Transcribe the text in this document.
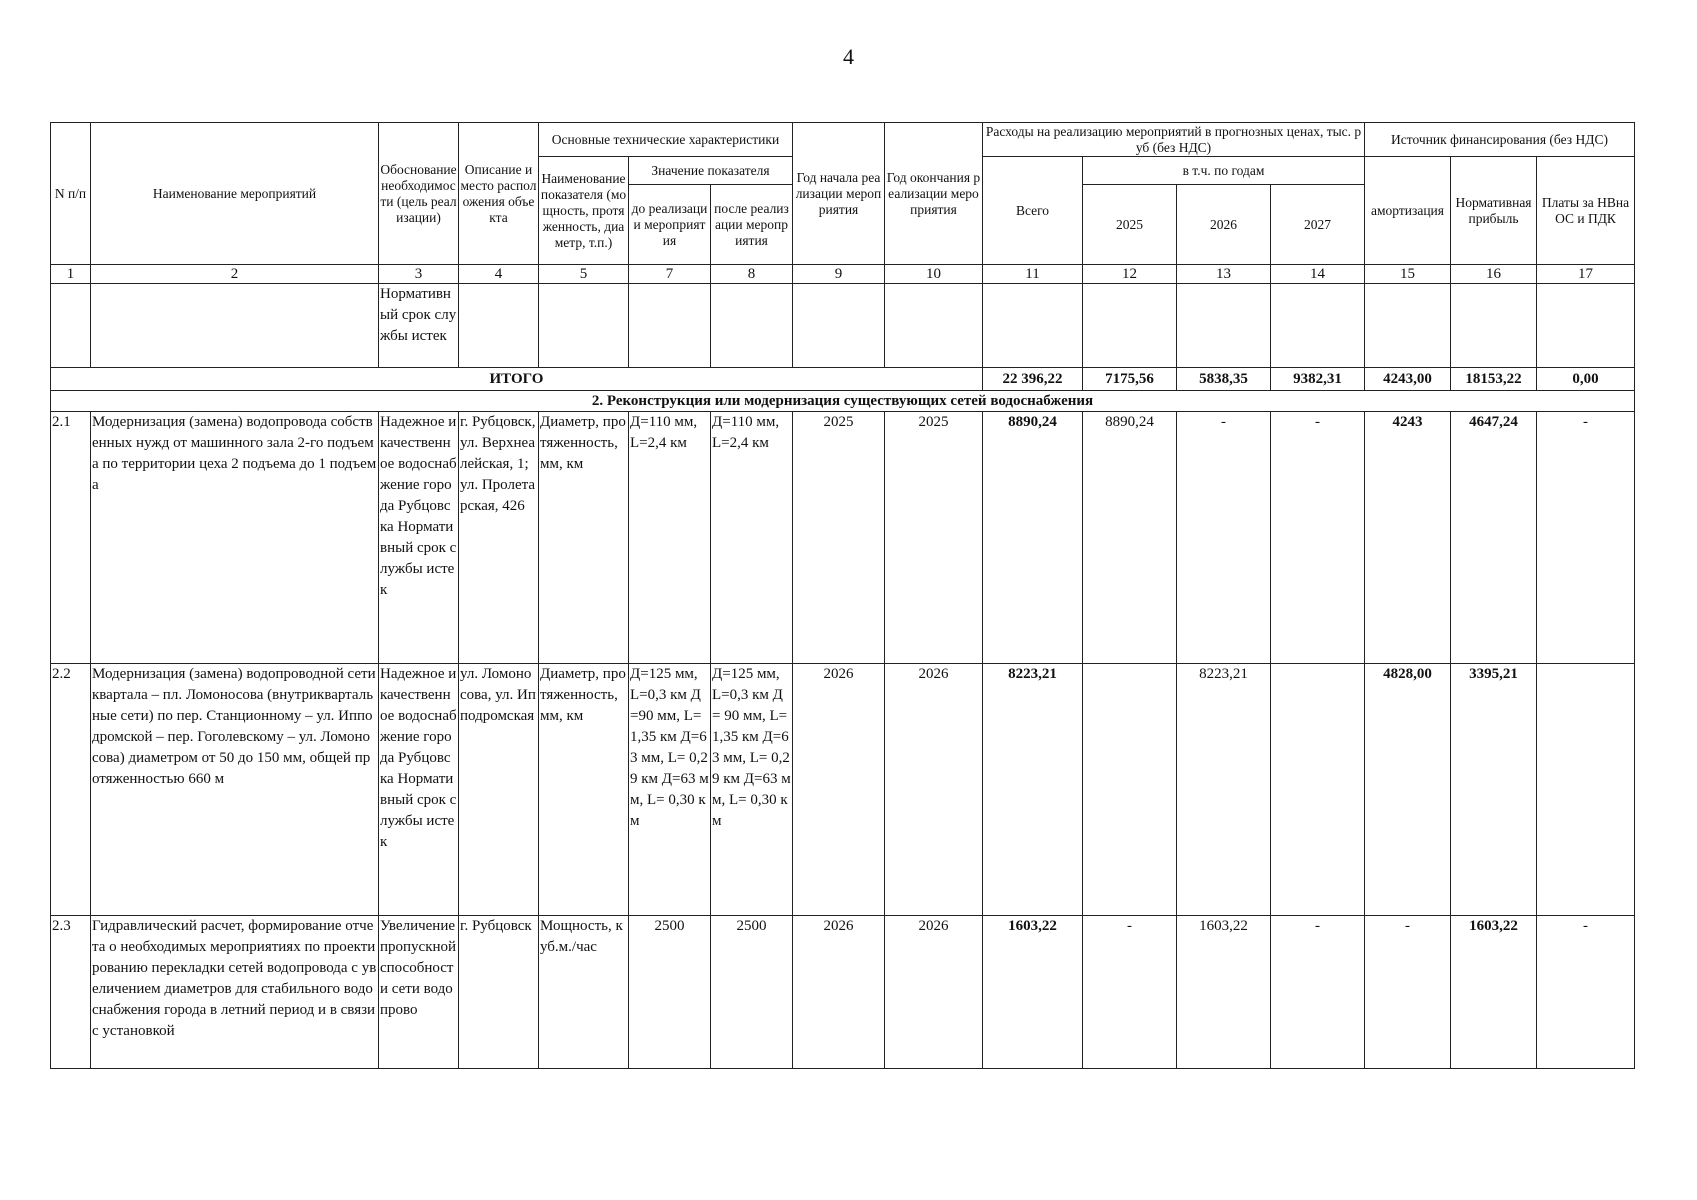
4
N п/п	Наименование мероприятий	Обоснование необходимости (цель реализации)	Описание и место расположения объекта	Основные технические характеристики			Год начала реализации мероприятия	Год окончания реализации мероприятия	Расходы на реализацию мероприятий в прогнозных ценах, тыс. руб (без НДС)				Источник финансирования (без НДС)		
				Наименование показателя (мощность, протяженность, диаметр, т.п.)	Значение показателя				Всего	в т.ч. по годам			амортизация	Нормативная прибыль	Платы за НВнаОС и ПДК
					до реализации мероприятия	после реализации мероприятия				2025	2026	2027			
1	2	3	4	5	7	8	9	10	11	12	13	14	15	16	17
		Нормативный срок службы истек													
ИТОГО									22 396,22	7175,56	5838,35	9382,31	4243,00	18153,22	0,00
2. Реконструкция или модернизация существующих сетей водоснабжения															
2.1	Модернизация (замена) водопровода собственных нужд от машинного зала 2-го подъема по территории цеха 2 подъема до 1 подъема	Надежное и качественное водоснабжение города Рубцовска Нормативный срок службы истек	г. Рубцовск, ул. Верхнеалейская, 1; ул. Пролетарская, 426	Диаметр, протяженность, мм, км	Д=110 мм, L=2,4 км	Д=110 мм, L=2,4 км	2025	2025	8890,24	8890,24	-	-	4243	4647,24	-
2.2	Модернизация (замена) водопроводной сети квартала – пл. Ломоносова (внутриквартальные сети) по пер. Станционному – ул. Ипподромской – пер. Гоголевскому – ул. Ломоносова) диаметром от 50 до 150 мм, общей протяженностью 660 м	Надежное и качественное водоснабжение города Рубцовска Нормативный срок службы истек	ул. Ломоносова, ул. Ипподромская	Диаметр, протяженность, мм, км	Д=125 мм, L=0,3 км Д=90 мм, L= 1,35 км Д=63 мм, L= 0,29 км Д=63 мм, L= 0,30 км	Д=125 мм, L=0,3 км Д= 90 мм, L=1,35 км Д=63 мм, L= 0,29 км Д=63 мм, L= 0,30 км	2026	2026	8223,21		8223,21		4828,00	3395,21	
2.3	Гидравлический расчет, формирование отчета о необходимых мероприятиях по проектированию перекладки сетей водопровода с увеличением диаметров для стабильного водоснабжения города в летний период и в связи с установкой	Увеличение пропускной способности сети водопрово	г. Рубцовск	Мощность, куб.м./час	2500	2500	2026	2026	1603,22	-	1603,22	-	-	1603,22	-
